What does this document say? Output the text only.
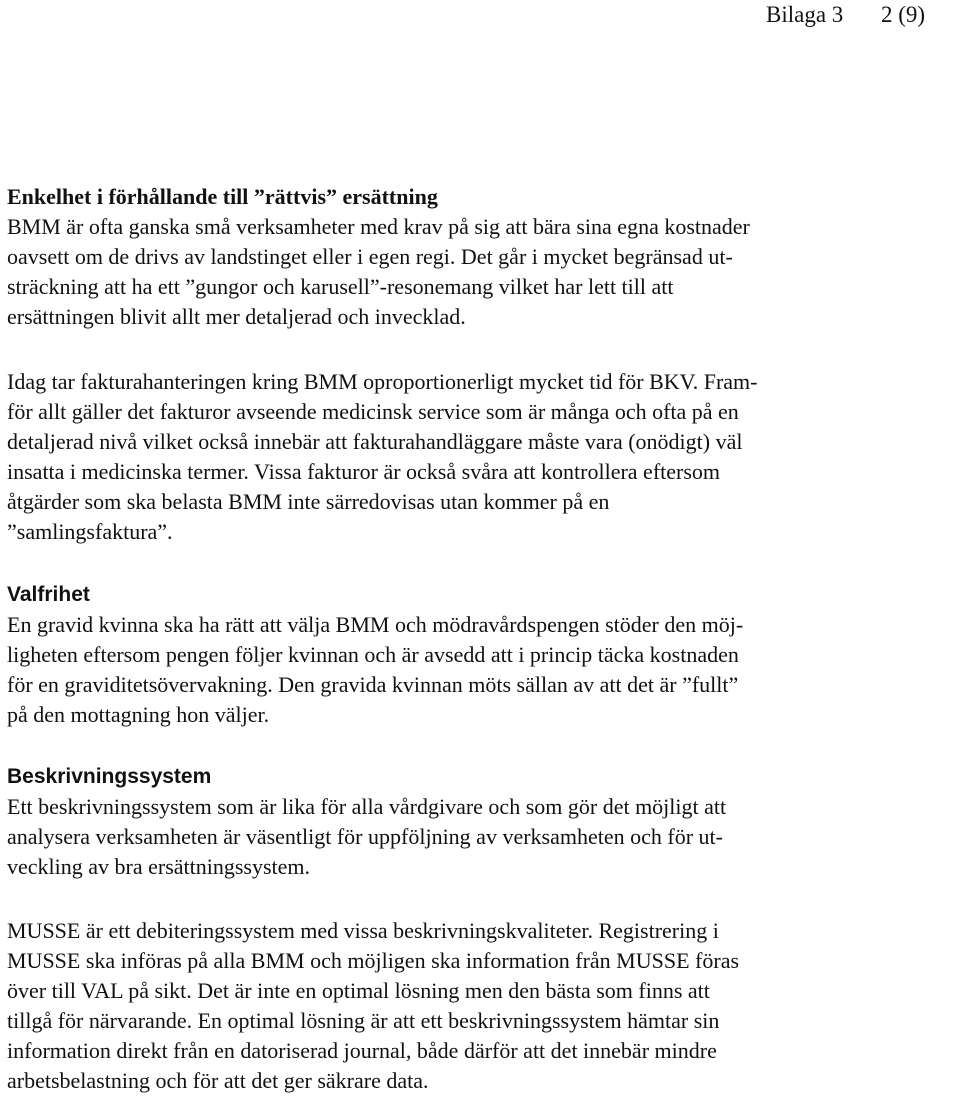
Bilaga 3 2 (9)
Enkelhet i förhållande till ”rättvis” ersättning
BMM är ofta ganska små verksamheter med krav på sig att bära sina egna kostnader
oavsett om de drivs av landstinget eller i egen regi. Det går i mycket begränsad ut-
sträckning att ha ett ”gungor och karusell”-resonemang vilket har lett till att
ersättningen blivit allt mer detaljerad och invecklad.
Idag tar fakturahanteringen kring BMM oproportionerligt mycket tid för BKV. Fram-
för allt gäller det fakturor avseende medicinsk service som är många och ofta på en
detaljerad nivå vilket också innebär att fakturahandläggare måste vara (onödigt) väl
insatta i medicinska termer. Vissa fakturor är också svåra att kontrollera eftersom
åtgärder som ska belasta BMM inte särredovisas utan kommer på en
”samlingsfaktura”.
Valfrihet
En gravid kvinna ska ha rätt att välja BMM och mödravårdspengen stöder den möj-
ligheten eftersom pengen följer kvinnan och är avsedd att i princip täcka kostnaden
för en graviditetsövervakning. Den gravida kvinnan möts sällan av att det är ”fullt”
på den mottagning hon väljer.
Beskrivningssystem
Ett beskrivningssystem som är lika för alla vårdgivare och som gör det möjligt att
analysera verksamheten är väsentligt för uppföljning av verksamheten och för ut-
veckling av bra ersättningssystem.
MUSSE är ett debiteringssystem med vissa beskrivningskvaliteter. Registrering i
MUSSE ska införas på alla BMM och möjligen ska information från MUSSE föras
över till VAL på sikt. Det är inte en optimal lösning men den bästa som finns att
tillgå för närvarande. En optimal lösning är att ett beskrivningssystem hämtar sin
information direkt från en datoriserad journal, både därför att det innebär mindre
arbetsbelastning och för att det ger säkrare data.
